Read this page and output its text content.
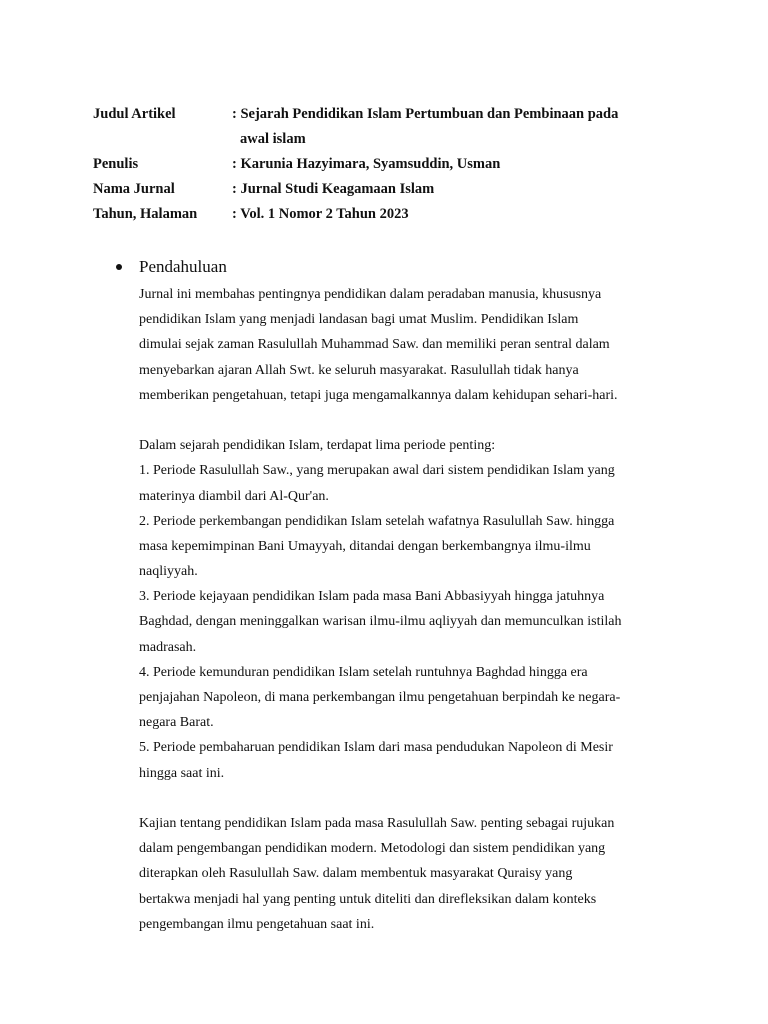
Judul Artikel	: Sejarah Pendidikan Islam Pertumbuan dan Pembinaan pada
awal islam
Penulis	: Karunia Hazyimara, Syamsuddin, Usman
Nama Jurnal	: Jurnal Studi Keagamaan Islam
Tahun, Halaman	: Vol. 1 Nomor 2 Tahun 2023
Pendahuluan
Jurnal ini membahas pentingnya pendidikan dalam peradaban manusia, khususnya
pendidikan Islam yang menjadi landasan bagi umat Muslim. Pendidikan Islam
dimulai sejak zaman Rasulullah Muhammad Saw. dan memiliki peran sentral dalam
menyebarkan ajaran Allah Swt. ke seluruh masyarakat. Rasulullah tidak hanya
memberikan pengetahuan, tetapi juga mengamalkannya dalam kehidupan sehari-hari.
Dalam sejarah pendidikan Islam, terdapat lima periode penting:
1. Periode Rasulullah Saw., yang merupakan awal dari sistem pendidikan Islam yang
materinya diambil dari Al-Qur'an.
2. Periode perkembangan pendidikan Islam setelah wafatnya Rasulullah Saw. hingga
masa kepemimpinan Bani Umayyah, ditandai dengan berkembangnya ilmu-ilmu
naqliyyah.
3. Periode kejayaan pendidikan Islam pada masa Bani Abbasiyyah hingga jatuhnya
Baghdad, dengan meninggalkan warisan ilmu-ilmu aqliyyah dan memunculkan istilah
madrasah.
4. Periode kemunduran pendidikan Islam setelah runtuhnya Baghdad hingga era
penjajahan Napoleon, di mana perkembangan ilmu pengetahuan berpindah ke negara-
negara Barat.
5. Periode pembaharuan pendidikan Islam dari masa pendudukan Napoleon di Mesir
hingga saat ini.
Kajian tentang pendidikan Islam pada masa Rasulullah Saw. penting sebagai rujukan
dalam pengembangan pendidikan modern. Metodologi dan sistem pendidikan yang
diterapkan oleh Rasulullah Saw. dalam membentuk masyarakat Quraisy yang
bertakwa menjadi hal yang penting untuk diteliti dan direfleksikan dalam konteks
pengembangan ilmu pengetahuan saat ini.
